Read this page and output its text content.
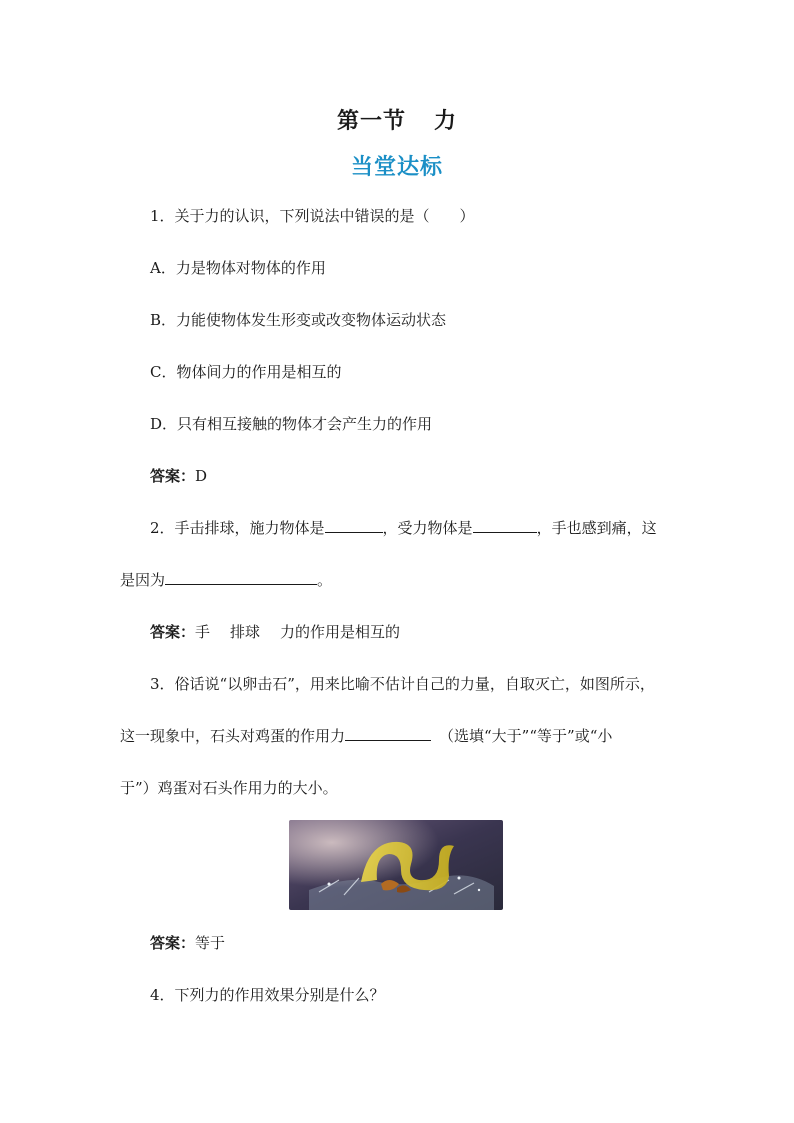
第一节 力
当堂达标
1．关于力的认识，下列说法中错误的是（　　）
A．力是物体对物体的作用
B．力能使物体发生形变或改变物体运动状态
C．物体间力的作用是相互的
D．只有相互接触的物体才会产生力的作用
答案：D
2．手击排球，施力物体是	，受力物体是	，手也感到痛，这
是因为	。
答案：手 排球 力的作用是相互的
3．俗话说“以卵击石”，用来比喻不估计自己的力量，自取灭亡，如图所示，
这一现象中，石头对鸡蛋的作用力	（选填“大于”“等于”或“小
于”）鸡蛋对石头作用力的大小。
答案：等于
4．下列力的作用效果分别是什么？
